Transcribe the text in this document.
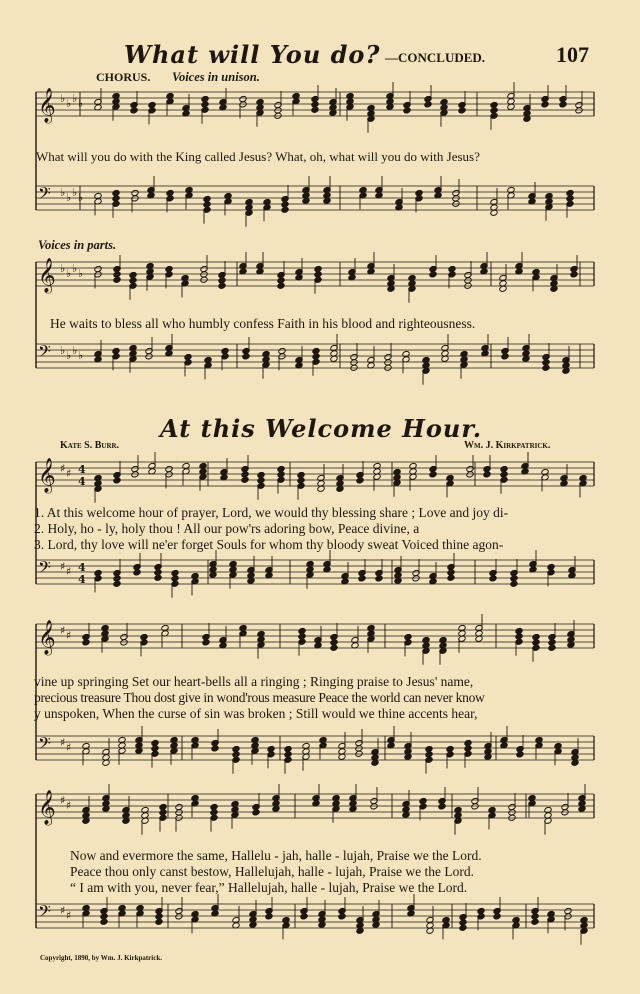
What will You do? —CONCLUDED.	107
CHORUS. Voices in unison.
𝄞 ♭ ♭ ♭ ♭
𝄢 ♭ ♭ ♭ ♭
What will you do with the King called Jesus? What, oh, what will you do with Jesus?
Voices in parts.
𝄞 ♭ ♭ ♭ ♭
𝄢 ♭ ♭ ♭ ♭
He waits to bless all who humbly confess Faith in his blood and righteousness.
At this Welcome Hour.
Kate S. Burr.	Wm. J. Kirkpatrick.
𝄞 ♯ ♯ 4
4
𝄢 ♯ ♯ 4
4
1. At this welcome hour of prayer, Lord, we would thy blessing share ; Love and joy di-
2. Holy, ho - ly, holy thou ! All our pow'rs adoring bow, Peace divine, a
3. Lord, thy love will ne'er forget Souls for whom thy bloody sweat Voiced thine agon-
𝄞 ♯ ♯
𝄢 ♯ ♯
vine up springing Set our heart-bells all a ringing ; Ringing praise to Jesus' name,
precious treasure Thou dost give in wond'rous measure Peace the world can never know
y unspoken, When the curse of sin was broken ; Still would we thine accents hear,
𝄞 ♯ ♯
𝄢 ♯ ♯
Now and evermore the same, Hallelu - jah, halle - lujah, Praise we the Lord.
Peace thou only canst bestow, Hallelujah, halle - lujah, Praise we the Lord.
“ I am with you, never fear,” Hallelujah, halle - lujah, Praise we the Lord.
Copyright, 1890, by Wm. J. Kirkpatrick.
